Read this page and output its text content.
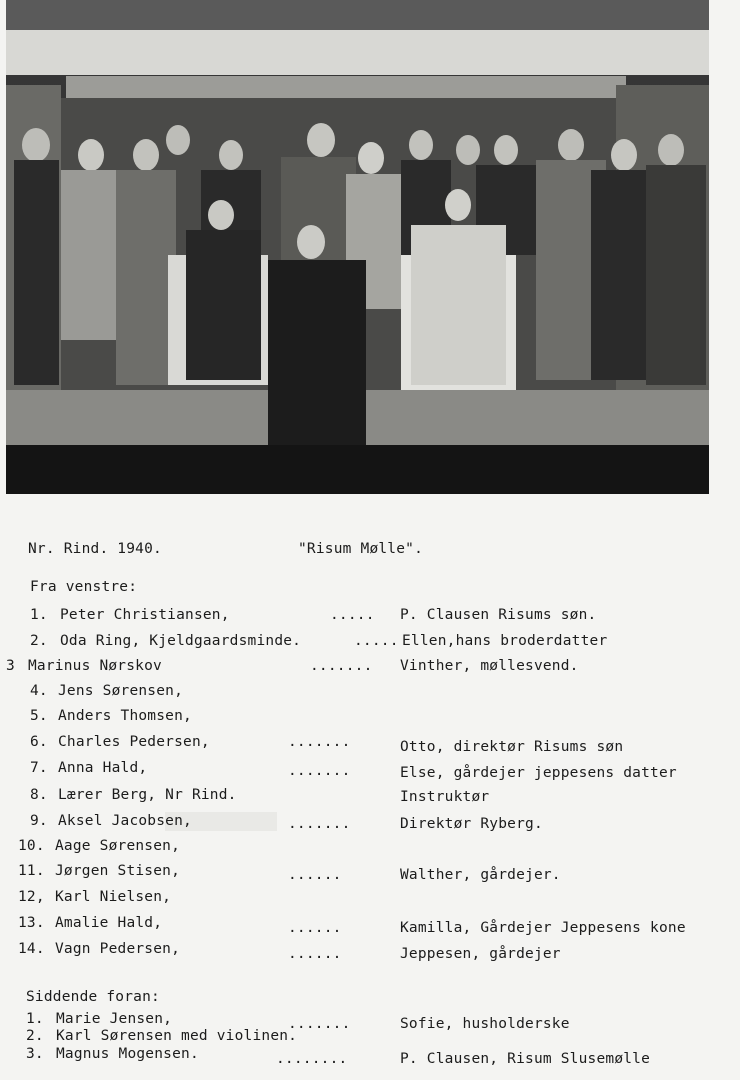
Nr. Rind. 1940.	"Risum Mølle".
Fra venstre:
1. Peter Christiansen,	..... P. Clausen Risums søn.
2. Oda Ring, Kjeldgaardsminde.	..... Ellen,hans broderdatter
3 Marinus Nørskov	....... Vinther, møllesvend.
4. Jens Sørensen,
5. Anders Thomsen,
6. Charles Pedersen,	.......	Otto, direktør Risums søn
7. Anna Hald,	.......	Else, gårdejer jeppesens datter
8. Lærer Berg, Nr Rind.	Instruktør
9. Aksel Jacobsen,	.......	Direktør Ryberg.
10. Aage Sørensen,
11. Jørgen Stisen,	......	Walther, gårdejer.
12, Karl Nielsen,
13. Amalie Hald,	......	Kamilla, Gårdejer Jeppesens kone
14. Vagn Pedersen,	......	Jeppesen, gårdejer
Siddende foran:
1. Marie Jensen,	.......	Sofie, husholderske
2. Karl Sørensen med violinen.
3. Magnus Mogensen.	........	P. Clausen, Risum Slusemølle
